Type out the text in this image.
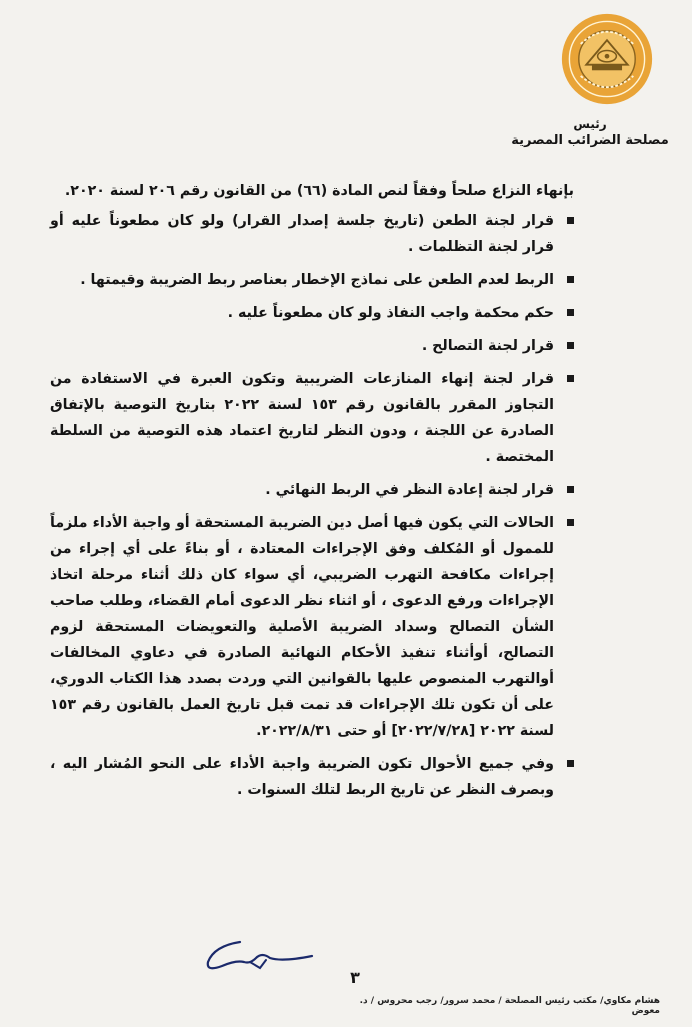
رئيس
مصلحة الضرائب المصرية

بإنهاء النزاع صلحاً وفقاً لنص المادة (٦٦) من القانون رقم ٢٠٦ لسنة ٢٠٢٠.

قرار لجنة الطعن (تاريخ جلسة إصدار القرار) ولو كان مطعوناً عليه أو قرار لجنة التظلمات .
الربط لعدم الطعن على نماذج الإخطار بعناصر ربط الضريبة وقيمتها .
حكم محكمة واجب النفاذ ولو كان مطعوناً عليه .
قرار لجنة التصالح .
قرار لجنة إنهاء المنازعات الضريبية وتكون العبرة في الاستفادة من التجاوز المقرر بالقانون رقم ١٥٣ لسنة ٢٠٢٢ بتاريخ التوصية بالإتفاق الصادرة عن اللجنة ، ودون النظر لتاريخ اعتماد هذه التوصية من السلطة المختصة .
قرار لجنة إعادة النظر في الربط النهائي .
الحالات التي يكون فيها أصل دين الضريبة المستحقة أو واجبة الأداء ملزماً للممول أو المُكلف وفق الإجراءات المعتادة ، أو بناءً على أي إجراء من إجراءات مكافحة التهرب الضريبي، أي سواء كان ذلك أثناء مرحلة اتخاذ الإجراءات ورفع الدعوى ، أو اثناء نظر الدعوى أمام القضاء، وطلب صاحب الشأن التصالح وسداد الضريبة الأصلية والتعويضات المستحقة لزوم التصالح، أوأثناء تنفيذ الأحكام النهائية الصادرة في دعاوي المخالفات أوالتهرب المنصوص عليها بالقوانين التي وردت بصدد هذا الكتاب الدوري، على أن تكون تلك الإجراءات قد تمت قبل تاريخ العمل بالقانون رقم ١٥٣ لسنة ٢٠٢٢ [٢٠٢٢/٧/٢٨] أو حتى ٢٠٢٢/٨/٣١.
وفي جميع الأحوال تكون الضريبة واجبة الأداء على النحو المُشار اليه ، وبصرف النظر عن تاريخ الربط لتلك السنوات .
٣
هشام مكاوي/ مكتب رئيس المصلحة / محمد سرور/ رجب محروس / د. معوض
